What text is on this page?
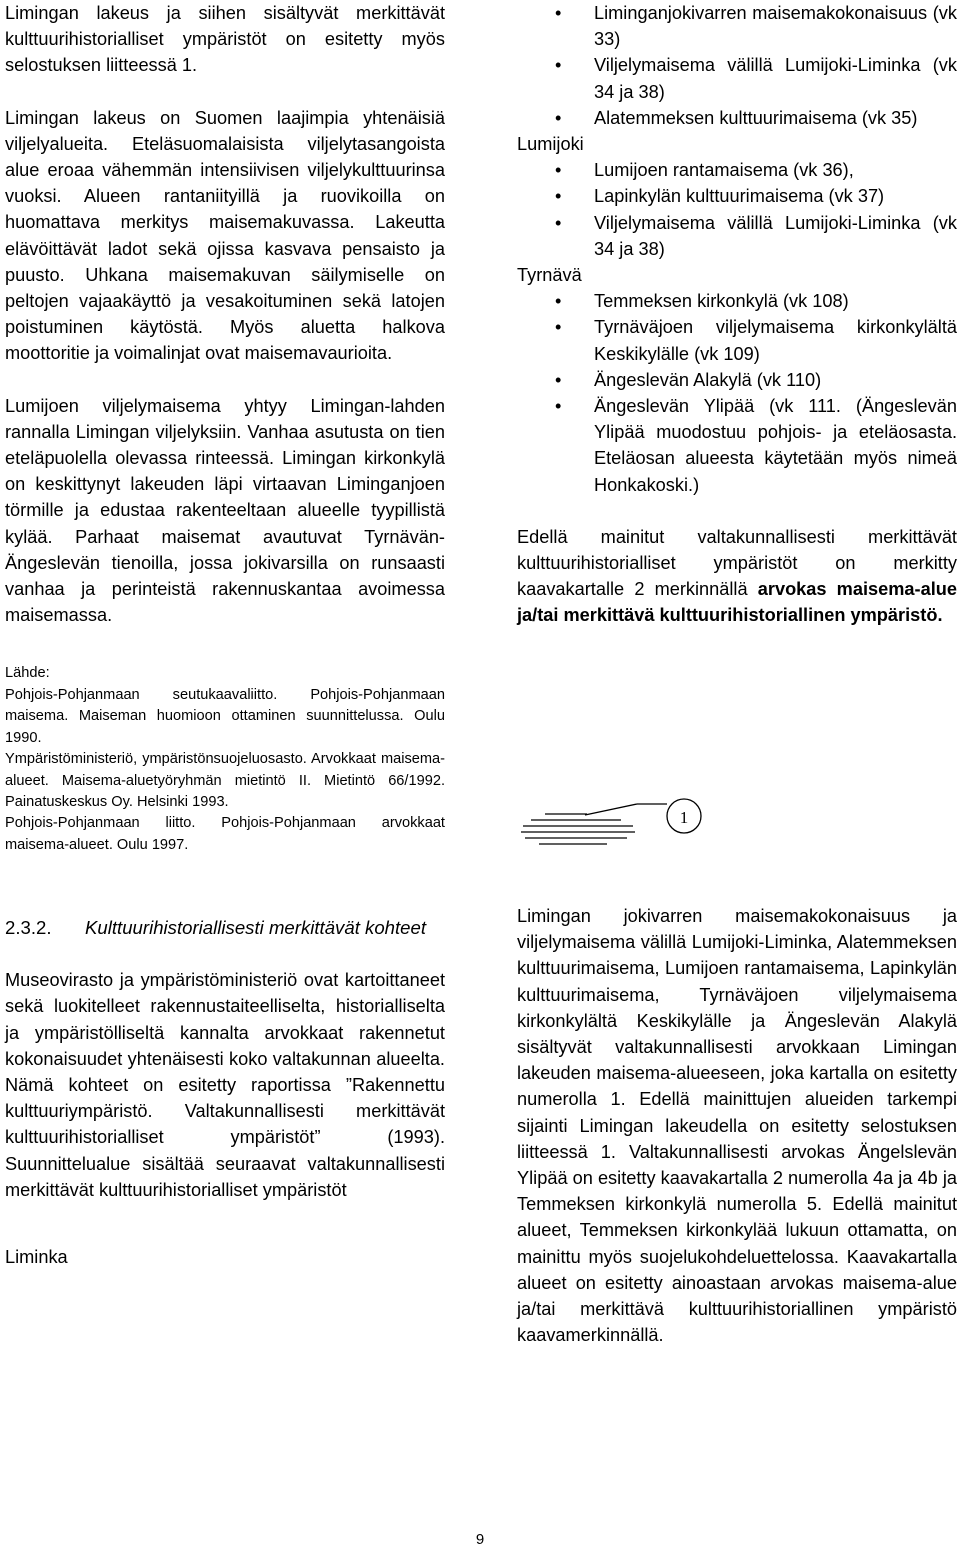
Limingan lakeus ja siihen sisältyvät merkittävät kulttuurihistorialliset ympäristöt on esitetty myös selostuksen liitteessä 1.

Limingan lakeus on Suomen laajimpia yhtenäisiä viljelyalueita. Eteläsuomalaisista viljelytasangoista alue eroaa vähemmän intensiivisen viljelykulttuurinsa vuoksi. Alueen rantaniityillä ja ruovikoilla on huomattava merkitys maisemakuvassa. Lakeutta elävöittävät ladot sekä ojissa kasvava pensaisto ja puusto. Uhkana maisemakuvan säilymiselle on peltojen vajaakäyttö ja vesakoituminen sekä latojen poistuminen käytöstä. Myös aluetta halkova moottoritie ja voimalinjat ovat maisemavaurioita.

Lumijoen viljelymaisema yhtyy Limingan-lahden rannalla Limingan viljelyksiin. Vanhaa asutusta on tien eteläpuolella olevassa rinteessä. Limingan kirkonkylä on keskittynyt lakeuden läpi virtaavan Liminganjoen törmille ja edustaa rakenteeltaan alueelle tyypillistä kylää. Parhaat maisemat avautuvat Tyrnävän-Ängeslevän tienoilla, jossa jokivarsilla on runsaasti vanhaa ja perinteistä rakennuskantaa avoimessa maisemassa.

Lähde:
Pohjois-Pohjanmaan seutukaavaliitto. Pohjois-Pohjanmaan maisema. Maiseman huomioon ottaminen suunnittelussa. Oulu 1990.
Ympäristöministeriö, ympäristönsuojeluosasto. Arvokkaat maisema-alueet. Maisema-aluetyöryhmän mietintö II. Mietintö 66/1992. Painatuskeskus Oy. Helsinki 1993.
Pohjois-Pohjanmaan liitto. Pohjois-Pohjanmaan arvokkaat maisema-alueet. Oulu 1997.
2.3.2.	Kulttuurihistoriallisesti merkittävät kohteet

Museovirasto ja ympäristöministeriö ovat kartoittaneet sekä luokitelleet rakennustaiteelliselta, historialliselta ja ympäristölliseltä kannalta arvokkaat rakennetut kokonaisuudet yhtenäisesti koko valtakunnan alueelta. Nämä kohteet on esitetty raportissa ”Rakennettu kulttuuriympäristö. Valtakunnallisesti merkittävät kulttuurihistorialliset ympäristöt” (1993). Suunnittelualue sisältää seuraavat valtakunnallisesti merkittävät kulttuurihistorialliset ympäristöt

Liminka

• Liminganjokivarren maisemakokonaisuus (vk 33)
• Viljelymaisema välillä Lumijoki-Liminka (vk 34 ja 38)
• Alatemmeksen kulttuurimaisema (vk 35)

Lumijoki

• Lumijoen rantamaisema (vk 36),
• Lapinkylän kulttuurimaisema (vk 37)
• Viljelymaisema välillä Lumijoki-Liminka (vk 34 ja 38)

Tyrnävä

• Temmeksen kirkonkylä (vk 108)
• Tyrnäväjoen viljelymaisema kirkonkylältä Keskikylälle (vk 109)
• Ängeslevän Alakylä (vk 110)
• Ängeslevän Ylipää (vk 111. (Ängeslevän Ylipää muodostuu pohjois- ja eteläosasta. Eteläosan alueesta käytetään myös nimeä Honkakoski.)

Edellä mainitut valtakunnallisesti merkittävät kulttuurihistorialliset ympäristöt on merkitty kaavakartalle 2 merkinnällä arvokas maisema-alue ja/tai merkittävä kulttuurihistoriallinen ympäristö.

1

Limingan jokivarren maisemakokonaisuus ja viljelymaisema välillä Lumijoki-Liminka, Alatemmeksen kulttuurimaisema, Lumijoen rantamaisema, Lapinkylän kulttuurimaisema, Tyrnäväjoen viljelymaisema kirkonkylältä Keskikylälle ja Ängeslevän Alakylä sisältyvät valtakunnallisesti arvokkaan Limingan lakeuden maisema-alueeseen, joka kartalla on esitetty numerolla 1. Edellä mainittujen alueiden tarkempi sijainti Limingan lakeudella on esitetty selostuksen liitteessä 1. Valtakunnallisesti arvokas Ängelslevän Ylipää on esitetty kaavakartalla 2 numerolla 4a ja 4b ja Temmeksen kirkonkylä numerolla 5. Edellä mainitut alueet, Temmeksen kirkonkylää lukuun ottamatta, on mainittu myös suojelukohdeluettelossa. Kaavakartalla alueet on esitetty ainoastaan arvokas maisema-alue ja/tai merkittävä kulttuurihistoriallinen ympäristö kaavamerkinnällä.

9
